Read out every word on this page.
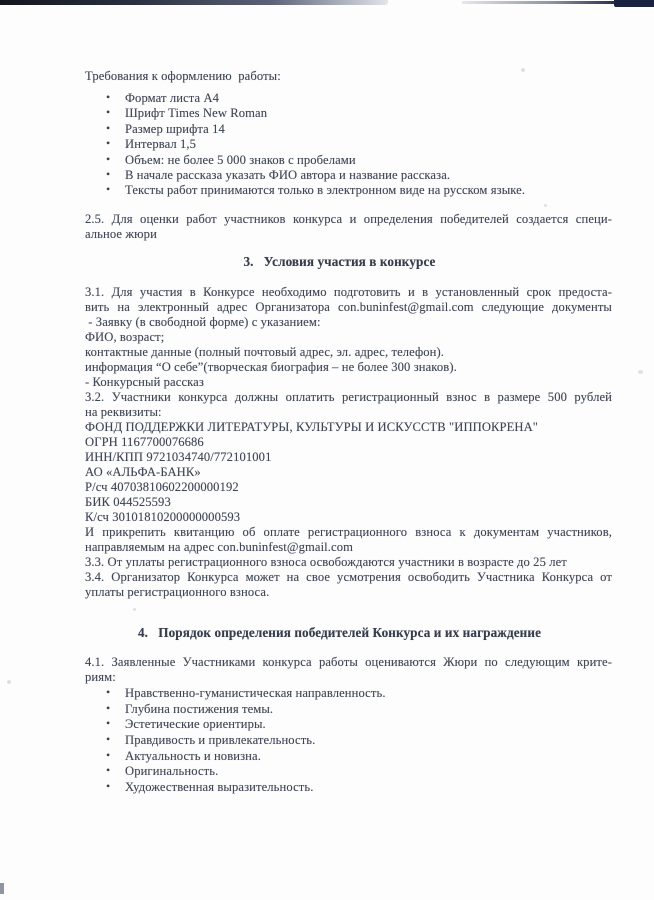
Требования к оформлению  работы:
• Формат листа А4
• Шрифт Times New Roman
• Размер шрифта 14
• Интервал 1,5
• Объем: не более 5 000 знаков с пробелами
• В начале рассказа указать ФИО автора и название рассказа.
• Тексты работ принимаются только в электронном виде на русском языке.
2.5. Для оценки работ участников конкурса и определения победителей создается специ-
альное жюри
3.   Условия участия в конкурсе
3.1. Для участия в Конкурсе необходимо подготовить и в установленный срок предоста-
вить на электронный адрес Организатора con.buninfest@gmail.com следующие документы
- Заявку (в свободной форме) с указанием:
ФИО, возраст;
контактные данные (полный почтовый адрес, эл. адрес, телефон).
информация “О себе”(творческая биография – не более 300 знаков).
- Конкурсный рассказ
3.2. Участники конкурса должны оплатить регистрационный взнос в размере 500 рублей
на реквизиты:
ФОНД ПОДДЕРЖКИ ЛИТЕРАТУРЫ, КУЛЬТУРЫ И ИСКУССТВ "ИППОКРЕНА"
ОГРН 1167700076686
ИНН/КПП 9721034740/772101001
АО «АЛЬФА-БАНК»
Р/сч 40703810602200000192
БИК 044525593
К/сч 30101810200000000593
И прикрепить квитанцию об оплате регистрационного взноса к документам участников,
направляемым на адрес con.buninfest@gmail.com
3.3. От уплаты регистрационного взноса освобождаются участники в возрасте до 25 лет
3.4. Организатор Конкурса может на свое усмотрения освободить Участника Конкурса от
уплаты регистрационного взноса.
4.   Порядок определения победителей Конкурса и их награждение
4.1. Заявленные Участниками конкурса работы оцениваются Жюри по следующим крите-
риям:
• Нравственно-гуманистическая направленность.
• Глубина постижения темы.
• Эстетические ориентиры.
• Правдивость и привлекательность.
• Актуальность и новизна.
• Оригинальность.
• Художественная выразительность.
